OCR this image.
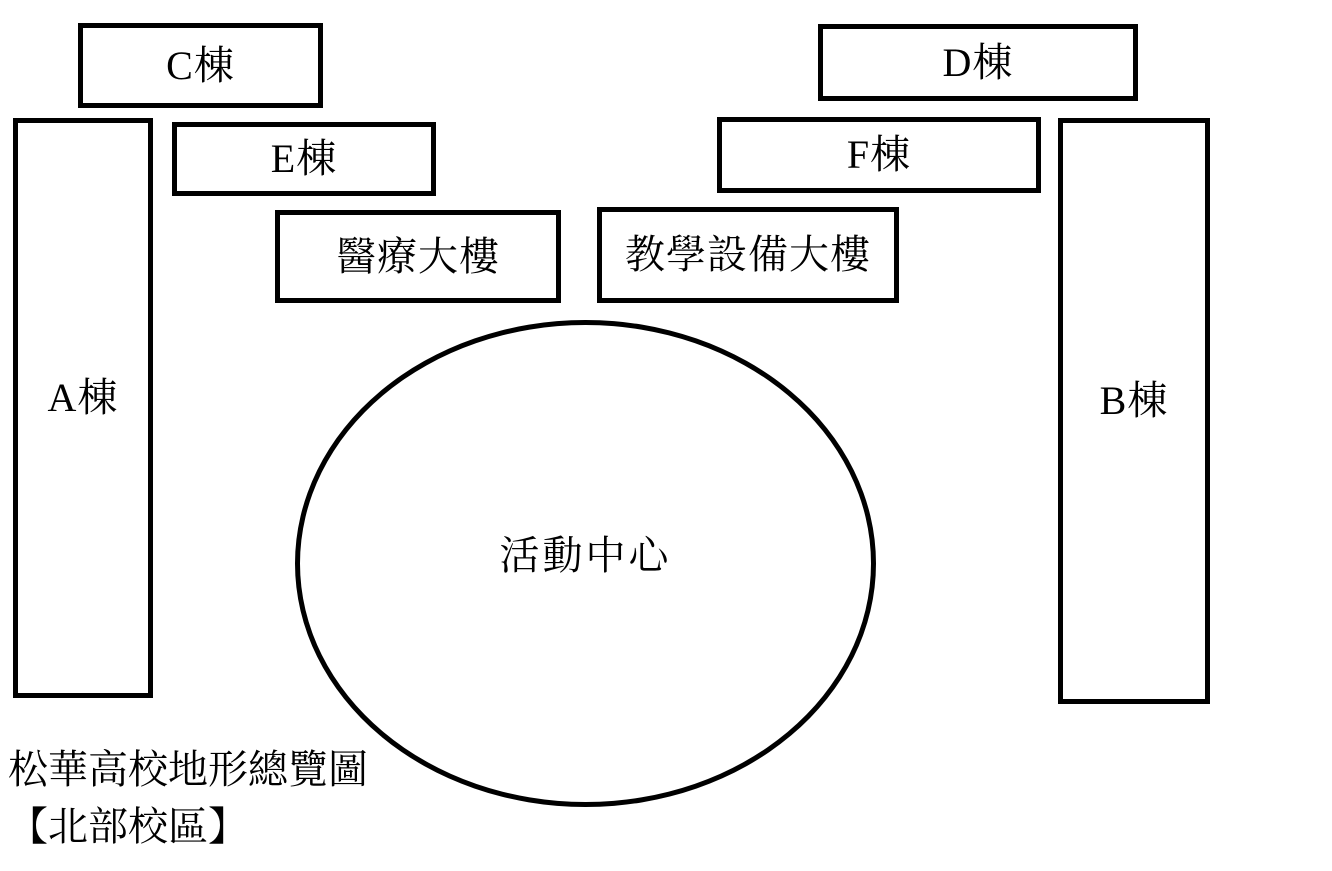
C棟	D棟
E棟	F棟
A棟	B棟
醫療大樓	教學設備大樓
活動中心
松華高校地形總覽圖
【北部校區】
